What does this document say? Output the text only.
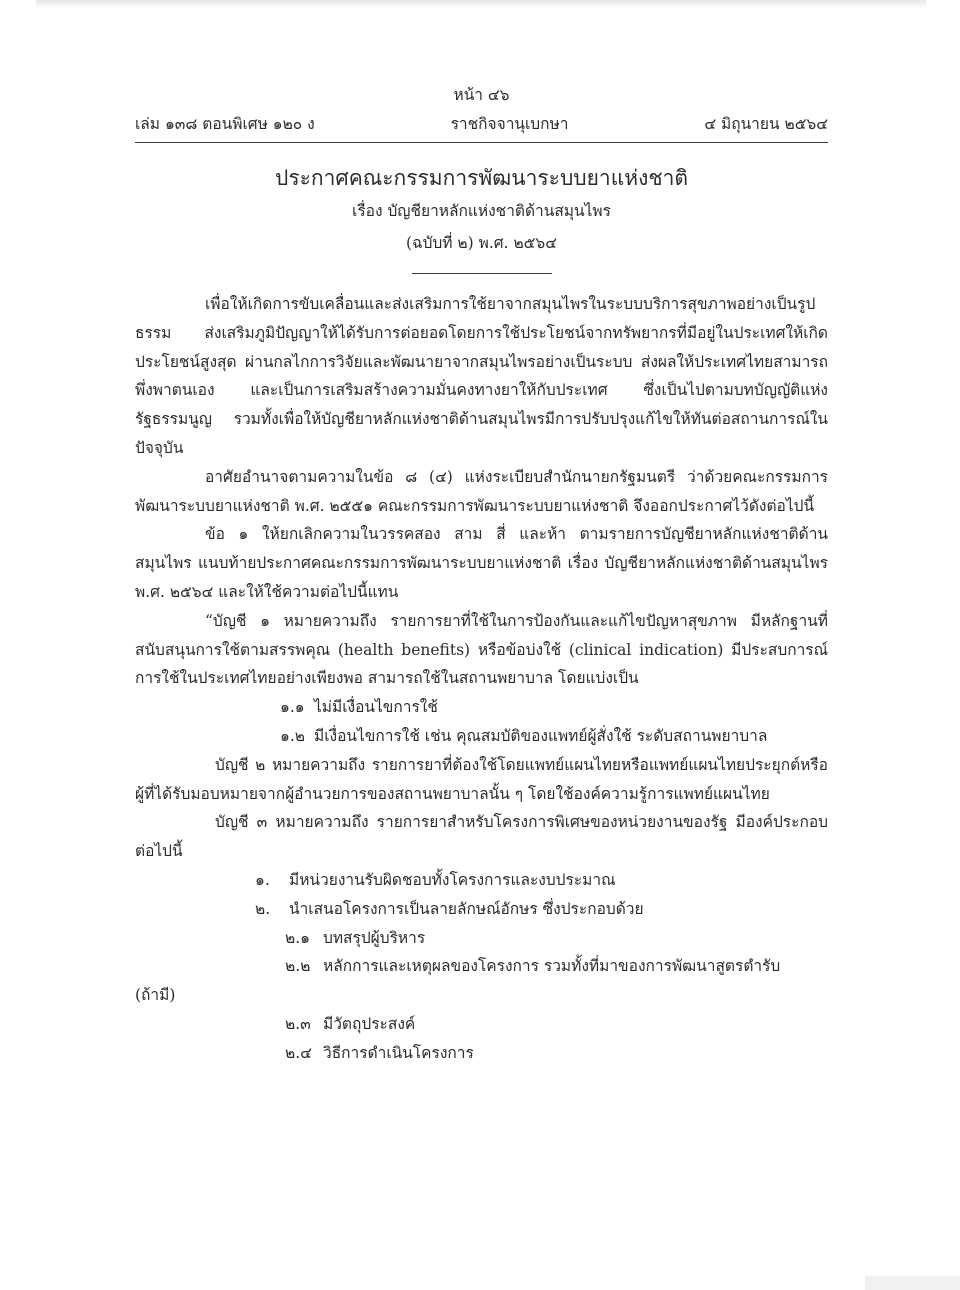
หน้า ๔๖
เล่ม ๑๓๘ ตอนพิเศษ ๑๒๐ ง	ราชกิจจานุเบกษา	๔ มิถุนายน ๒๕๖๔
ประกาศคณะกรรมการพัฒนาระบบยาแห่งชาติ
เรื่อง บัญชียาหลักแห่งชาติด้านสมุนไพร
(ฉบับที่ ๒) พ.ศ. ๒๕๖๔

เพื่อให้เกิดการขับเคลื่อนและส่งเสริมการใช้ยาจากสมุนไพรในระบบบริการสุขภาพอย่างเป็นรูปธรรม ส่งเสริมภูมิปัญญาให้ได้รับการต่อยอดโดยการใช้ประโยชน์จากทรัพยากรที่มีอยู่ในประเทศให้เกิดประโยชน์สูงสุด ผ่านกลไกการวิจัยและพัฒนายาจากสมุนไพรอย่างเป็นระบบ ส่งผลให้ประเทศไทยสามารถพึ่งพาตนเอง และเป็นการเสริมสร้างความมั่นคงทางยาให้กับประเทศ ซึ่งเป็นไปตามบทบัญญัติแห่งรัฐธรรมนูญ รวมทั้งเพื่อให้บัญชียาหลักแห่งชาติด้านสมุนไพรมีการปรับปรุงแก้ไขให้ทันต่อสถานการณ์ในปัจจุบัน

อาศัยอำนาจตามความในข้อ ๘ (๔) แห่งระเบียบสำนักนายกรัฐมนตรี ว่าด้วยคณะกรรมการพัฒนาระบบยาแห่งชาติ พ.ศ. ๒๕๕๑ คณะกรรมการพัฒนาระบบยาแห่งชาติ จึงออกประกาศไว้ดังต่อไปนี้

ข้อ ๑ ให้ยกเลิกความในวรรคสอง สาม สี่ และห้า ตามรายการบัญชียาหลักแห่งชาติด้านสมุนไพร แนบท้ายประกาศคณะกรรมการพัฒนาระบบยาแห่งชาติ เรื่อง บัญชียาหลักแห่งชาติด้านสมุนไพร พ.ศ. ๒๕๖๔ และให้ใช้ความต่อไปนี้แทน

“บัญชี ๑ หมายความถึง รายการยาที่ใช้ในการป้องกันและแก้ไขปัญหาสุขภาพ มีหลักฐานที่สนับสนุนการใช้ตามสรรพคุณ (health benefits) หรือข้อบ่งใช้ (clinical indication) มีประสบการณ์การใช้ในประเทศไทยอย่างเพียงพอ สามารถใช้ในสถานพยาบาล โดยแบ่งเป็น

๑.๑ ไม่มีเงื่อนไขการใช้
๑.๒ มีเงื่อนไขการใช้ เช่น คุณสมบัติของแพทย์ผู้สั่งใช้ ระดับสถานพยาบาล

บัญชี ๒ หมายความถึง รายการยาที่ต้องใช้โดยแพทย์แผนไทยหรือแพทย์แผนไทยประยุกต์หรือผู้ที่ได้รับมอบหมายจากผู้อำนวยการของสถานพยาบาลนั้น ๆ โดยใช้องค์ความรู้การแพทย์แผนไทย

บัญชี ๓ หมายความถึง รายการยาสำหรับโครงการพิเศษของหน่วยงานของรัฐ มีองค์ประกอบต่อไปนี้

๑. มีหน่วยงานรับผิดชอบทั้งโครงการและงบประมาณ
๒. นำเสนอโครงการเป็นลายลักษณ์อักษร ซึ่งประกอบด้วย
๒.๑ บทสรุปผู้บริหาร
๒.๒ หลักการและเหตุผลของโครงการ รวมทั้งที่มาของการพัฒนาสูตรตำรับ
(ถ้ามี)
๒.๓ มีวัตถุประสงค์
๒.๔ วิธีการดำเนินโครงการ
